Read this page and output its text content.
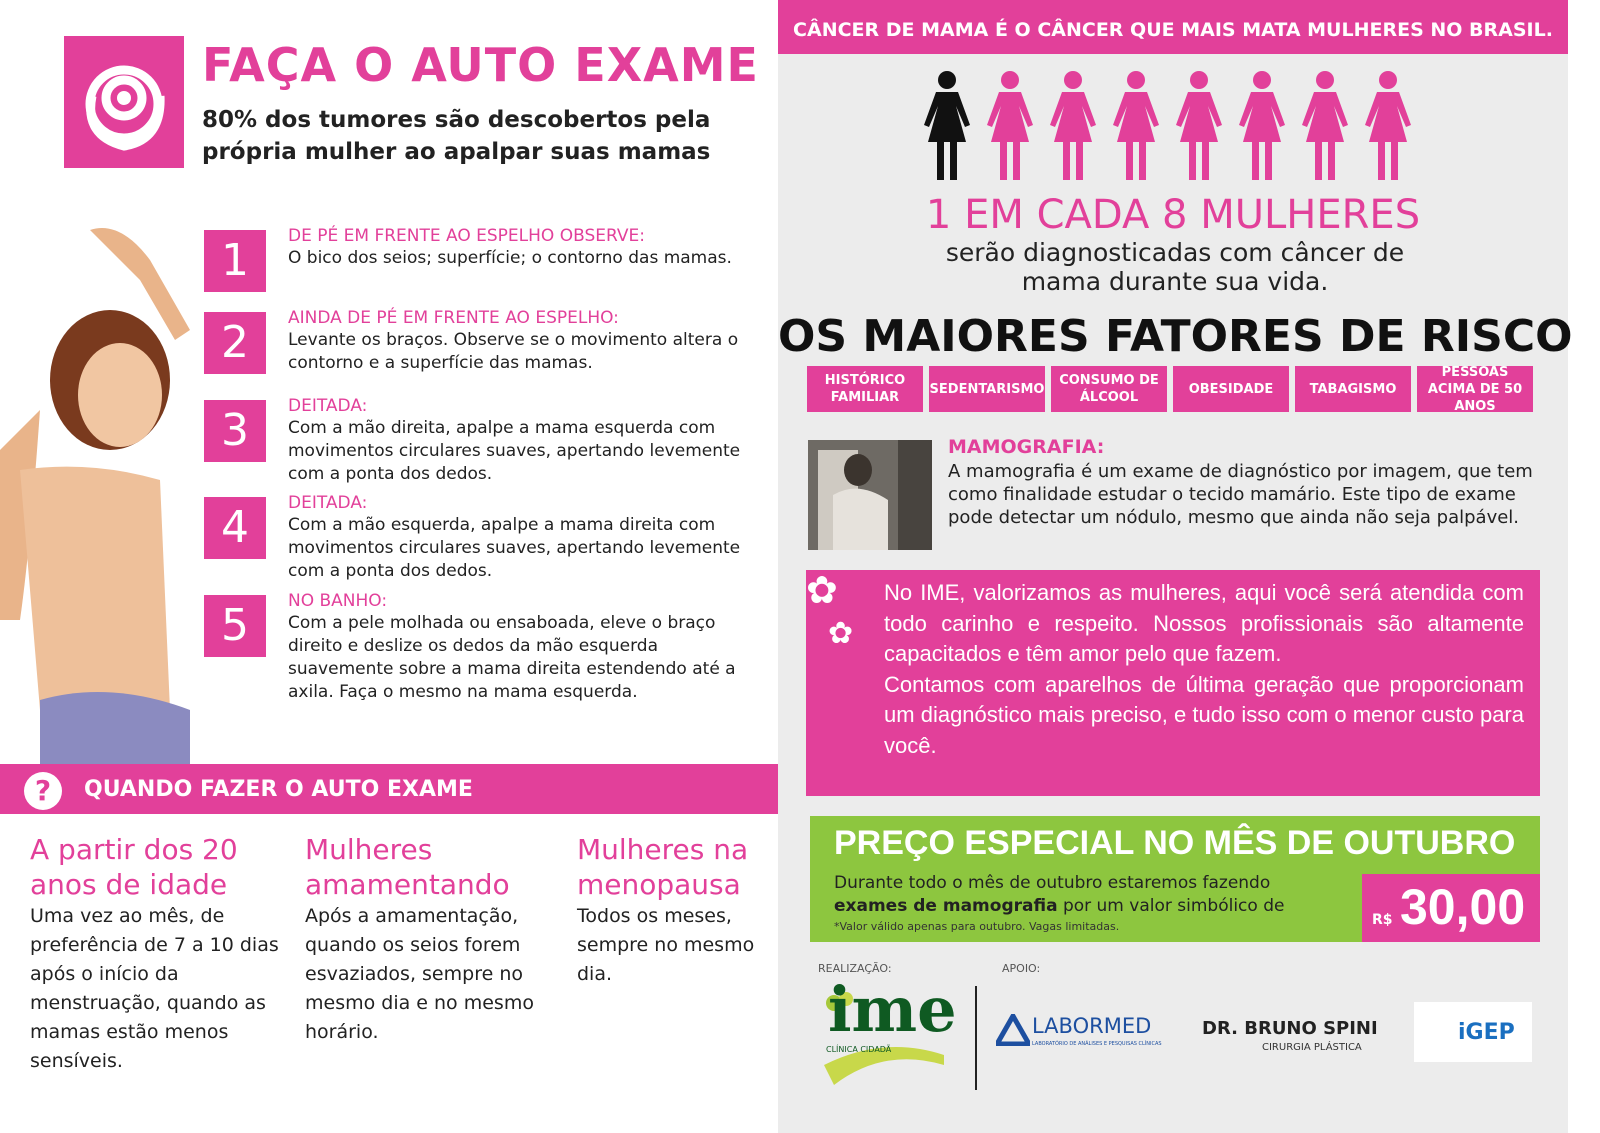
FAÇA O AUTO EXAME
80% dos tumores são descobertos pela própria mulher ao apalpar suas mamas
1	DE PÉ EM FRENTE AO ESPELHO OBSERVE:
O bico dos seios; superfície; o contorno das mamas.
2	AINDA DE PÉ EM FRENTE AO ESPELHO:
Levante os braços. Observe se o movimento altera o contorno e a superfície das mamas.
3	DEITADA:
Com a mão direita, apalpe a mama esquerda com movimentos circulares suaves, apertando levemente com a ponta dos dedos.
4	DEITADA:
Com a mão esquerda, apalpe a mama direita com movimentos circulares suaves, apertando levemente com a ponta dos dedos.
5	NO BANHO:
Com a pele molhada ou ensaboada, eleve o braço direito e deslize os dedos da mão esquerda suavemente sobre a mama direita estendendo até a axila. Faça o mesmo na mama esquerda.
?	QUANDO FAZER O AUTO EXAME
A partir dos 20 anos de idade
Uma vez ao mês, de preferência de 7 a 10 dias após o início da menstruação, quando as mamas estão menos sensíveis.
Mulheres amamentando
Após a amamentação, quando os seios forem esvaziados, sempre no mesmo dia e no mesmo horário.
Mulheres na menopausa
Todos os meses, sempre no mesmo dia.
CÂNCER DE MAMA É O CÂNCER QUE MAIS MATA MULHERES NO BRASIL.
1 EM CADA 8 MULHERES
serão diagnosticadas com câncer de mama durante sua vida.
OS MAIORES FATORES DE RISCO
HISTÓRICO FAMILIAR
SEDENTARISMO
CONSUMO DE ÁLCOOL
OBESIDADE	TABAGISMO
PESSOAS ACIMA DE 50 ANOS
MAMOGRAFIA:
A mamografia é um exame de diagnóstico por imagem, que tem como finalidade estudar o tecido mamário. Este tipo de exame pode detectar um nódulo, mesmo que ainda não seja palpável.
No IME, valorizamos as mulheres, aqui você será atendida com todo carinho e respeito. Nossos profissionais são altamente capacitados e têm amor pelo que fazem.
Contamos com aparelhos de última geração que proporcionam um diagnóstico mais preciso, e tudo isso com o menor custo para você.
✿
✿
PREÇO ESPECIAL NO MÊS DE OUTUBRO
Durante todo o mês de outubro estaremos fazendo
exames de mamografia por um valor simbólico de
*Valor válido apenas para outubro. Vagas limitadas.	R$ 30,00
REALIZAÇÃO:	APOIO:
ime
CLÍNICA CIDADÃ
LABORMED
LABORATÓRIO DE ANÁLISES E PESQUISAS CLÍNICAS
DR. BRUNO SPINI
CIRURGIA PLÁSTICA
iGEP
